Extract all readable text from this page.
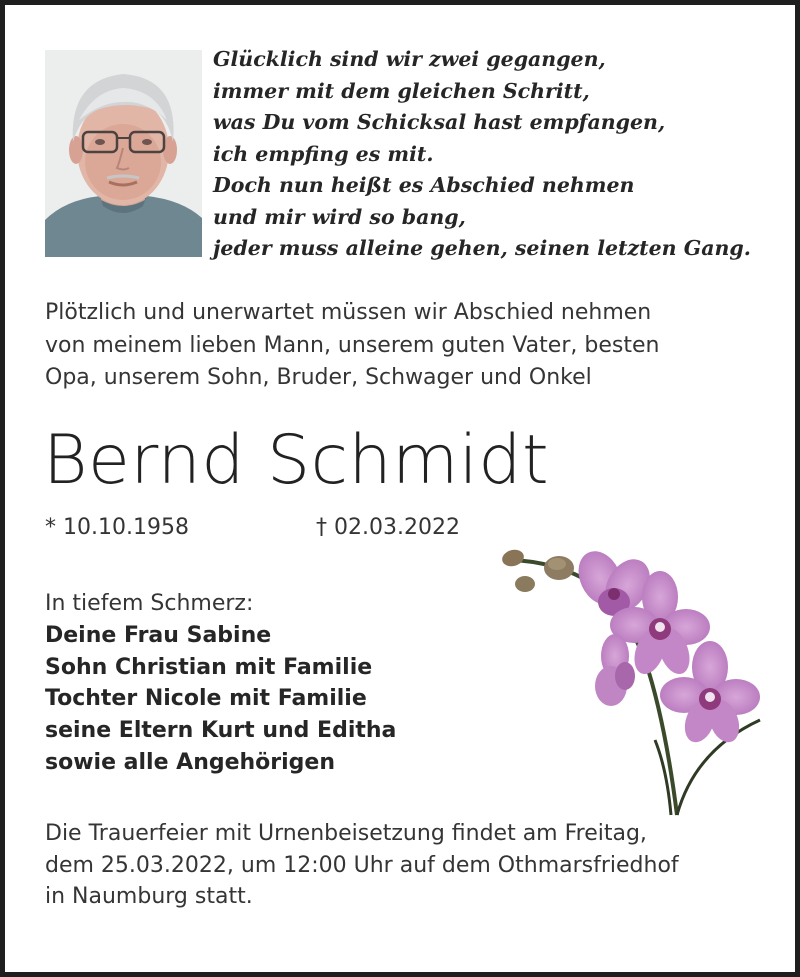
Glücklich sind wir zwei gegangen,
immer mit dem gleichen Schritt,
was Du vom Schicksal hast empfangen,
ich empfing es mit.
Doch nun heißt es Abschied nehmen
und mir wird so bang,
jeder muss alleine gehen, seinen letzten Gang.
Plötzlich und unerwartet müssen wir Abschied nehmen
von meinem lieben Mann, unserem guten Vater, besten
Opa, unserem Sohn, Bruder, Schwager und Onkel
Bernd Schmidt
* 10.10.1958	† 02.03.2022
In tiefem Schmerz:
Deine Frau Sabine
Sohn Christian mit Familie
Tochter Nicole mit Familie
seine Eltern Kurt und Editha
sowie alle Angehörigen
Die Trauerfeier mit Urnenbeisetzung findet am Freitag,
dem 25.03.2022, um 12:00 Uhr auf dem Othmarsfriedhof
in Naumburg statt.
